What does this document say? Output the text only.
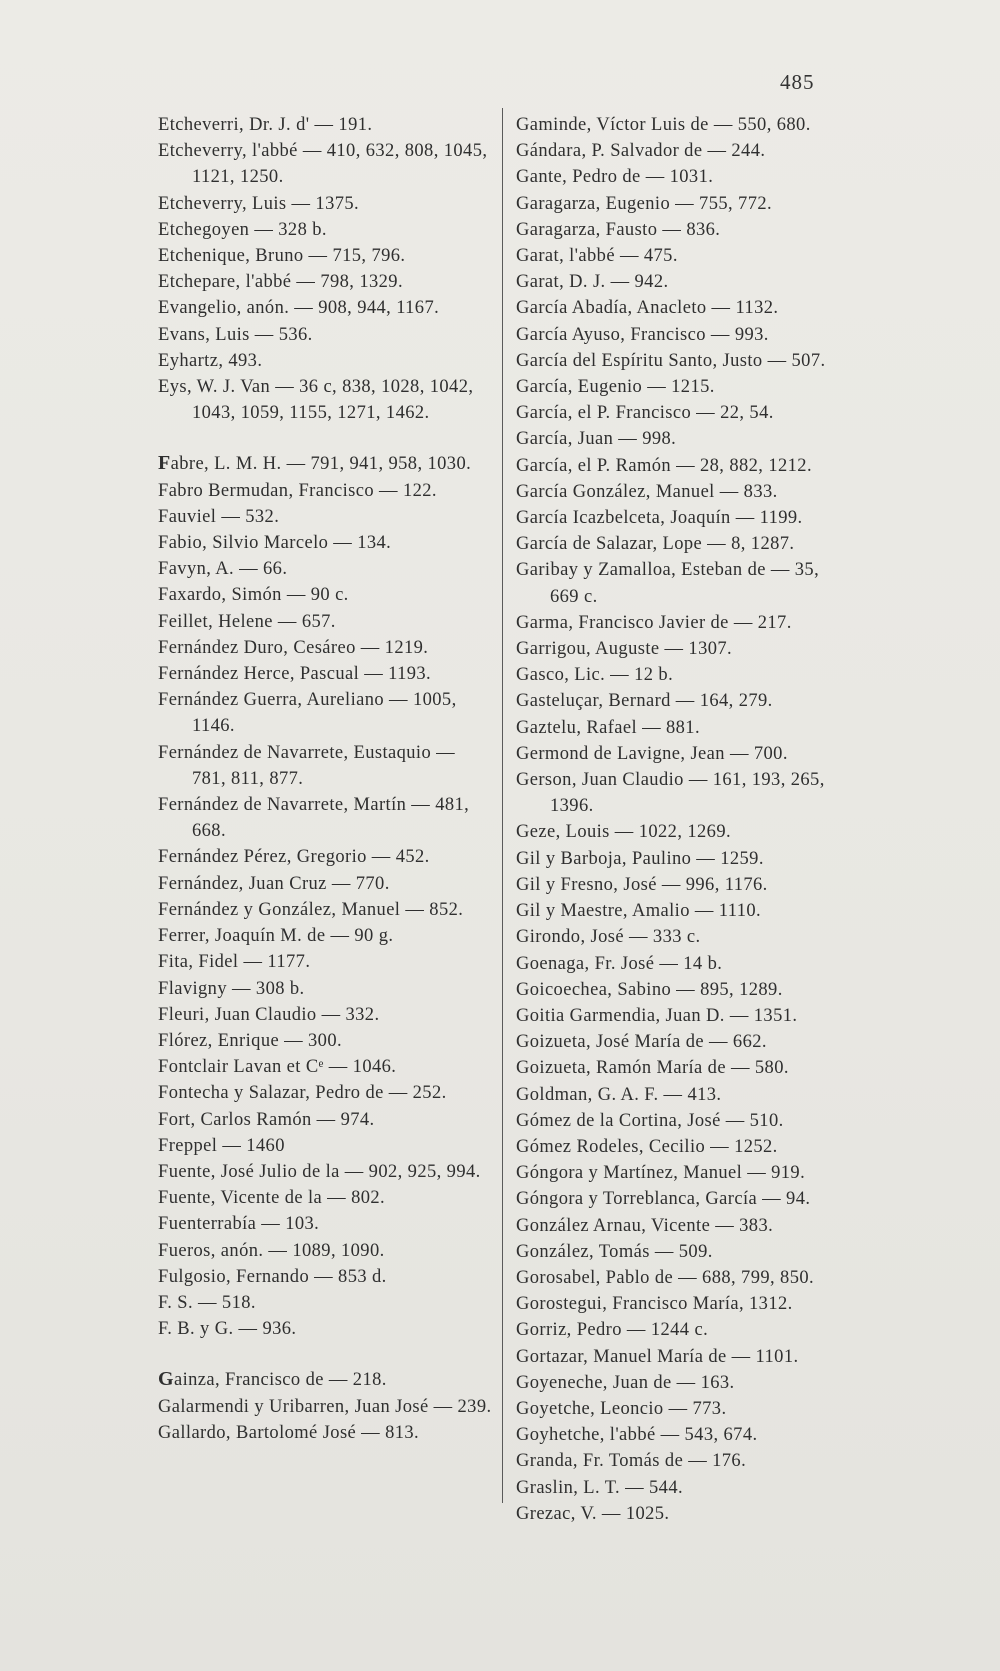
485

Etcheverri, Dr. J. d' — 191.

Etcheverry, l'abbé — 410, 632, 808, 1045, 1121, 1250.

Etcheverry, Luis — 1375.

Etchegoyen — 328 b.

Etchenique, Bruno — 715, 796.

Etchepare, l'abbé — 798, 1329.

Evangelio, anón. — 908, 944, 1167.

Evans, Luis — 536.

Eyhartz, 493.

Eys, W. J. Van — 36 c, 838, 1028, 1042, 1043, 1059, 1155, 1271, 1462.

Fabre, L. M. H. — 791, 941, 958, 1030.

Fabro Bermudan, Francisco — 122.

Fauviel — 532.

Fabio, Silvio Marcelo — 134.

Favyn, A. — 66.

Faxardo, Simón — 90 c.

Feillet, Helene — 657.

Fernández Duro, Cesáreo — 1219.

Fernández Herce, Pascual — 1193.

Fernández Guerra, Aureliano — 1005, 1146.

Fernández de Navarrete, Eustaquio — 781, 811, 877.

Fernández de Navarrete, Martín — 481, 668.

Fernández Pérez, Gregorio — 452.

Fernández, Juan Cruz — 770.

Fernández y González, Manuel — 852.

Ferrer, Joaquín M. de — 90 g.

Fita, Fidel — 1177.

Flavigny — 308 b.

Fleuri, Juan Claudio — 332.

Flórez, Enrique — 300.

Fontclair Lavan et Cᵉ — 1046.

Fontecha y Salazar, Pedro de — 252.

Fort, Carlos Ramón — 974.

Freppel — 1460

Fuente, José Julio de la — 902, 925, 994.

Fuente, Vicente de la — 802.

Fuenterrabía — 103.

Fueros, anón. — 1089, 1090.

Fulgosio, Fernando — 853 d.

F. S. — 518.

F. B. y G. — 936.

Gainza, Francisco de — 218.

Galarmendi y Uribarren, Juan José — 239.

Gallardo, Bartolomé José — 813.

Gaminde, Víctor Luis de — 550, 680.

Gándara, P. Salvador de — 244.

Gante, Pedro de — 1031.

Garagarza, Eugenio — 755, 772.

Garagarza, Fausto — 836.

Garat, l'abbé — 475.

Garat, D. J. — 942.

García Abadía, Anacleto — 1132.

García Ayuso, Francisco — 993.

García del Espíritu Santo, Justo — 507.

García, Eugenio — 1215.

García, el P. Francisco — 22, 54.

García, Juan — 998.

García, el P. Ramón — 28, 882, 1212.

García González, Manuel — 833.

García Icazbelceta, Joaquín — 1199.

García de Salazar, Lope — 8, 1287.

Garibay y Zamalloa, Esteban de — 35, 669 c.

Garma, Francisco Javier de — 217.

Garrigou, Auguste — 1307.

Gasco, Lic. — 12 b.

Gasteluçar, Bernard — 164, 279.

Gaztelu, Rafael — 881.

Germond de Lavigne, Jean — 700.

Gerson, Juan Claudio — 161, 193, 265, 1396.

Geze, Louis — 1022, 1269.

Gil y Barboja, Paulino — 1259.

Gil y Fresno, José — 996, 1176.

Gil y Maestre, Amalio — 1110.

Girondo, José — 333 c.

Goenaga, Fr. José — 14 b.

Goicoechea, Sabino — 895, 1289.

Goitia Garmendia, Juan D. — 1351.

Goizueta, José María de — 662.

Goizueta, Ramón María de — 580.

Goldman, G. A. F. — 413.

Gómez de la Cortina, José — 510.

Gómez Rodeles, Cecilio — 1252.

Góngora y Martínez, Manuel — 919.

Góngora y Torreblanca, García — 94.

González Arnau, Vicente — 383.

González, Tomás — 509.

Gorosabel, Pablo de — 688, 799, 850.

Gorostegui, Francisco María, 1312.

Gorriz, Pedro — 1244 c.

Gortazar, Manuel María de — 1101.

Goyeneche, Juan de — 163.

Goyetche, Leoncio — 773.

Goyhetche, l'abbé — 543, 674.

Granda, Fr. Tomás de — 176.

Graslin, L. T. — 544.

Grezac, V. — 1025.
